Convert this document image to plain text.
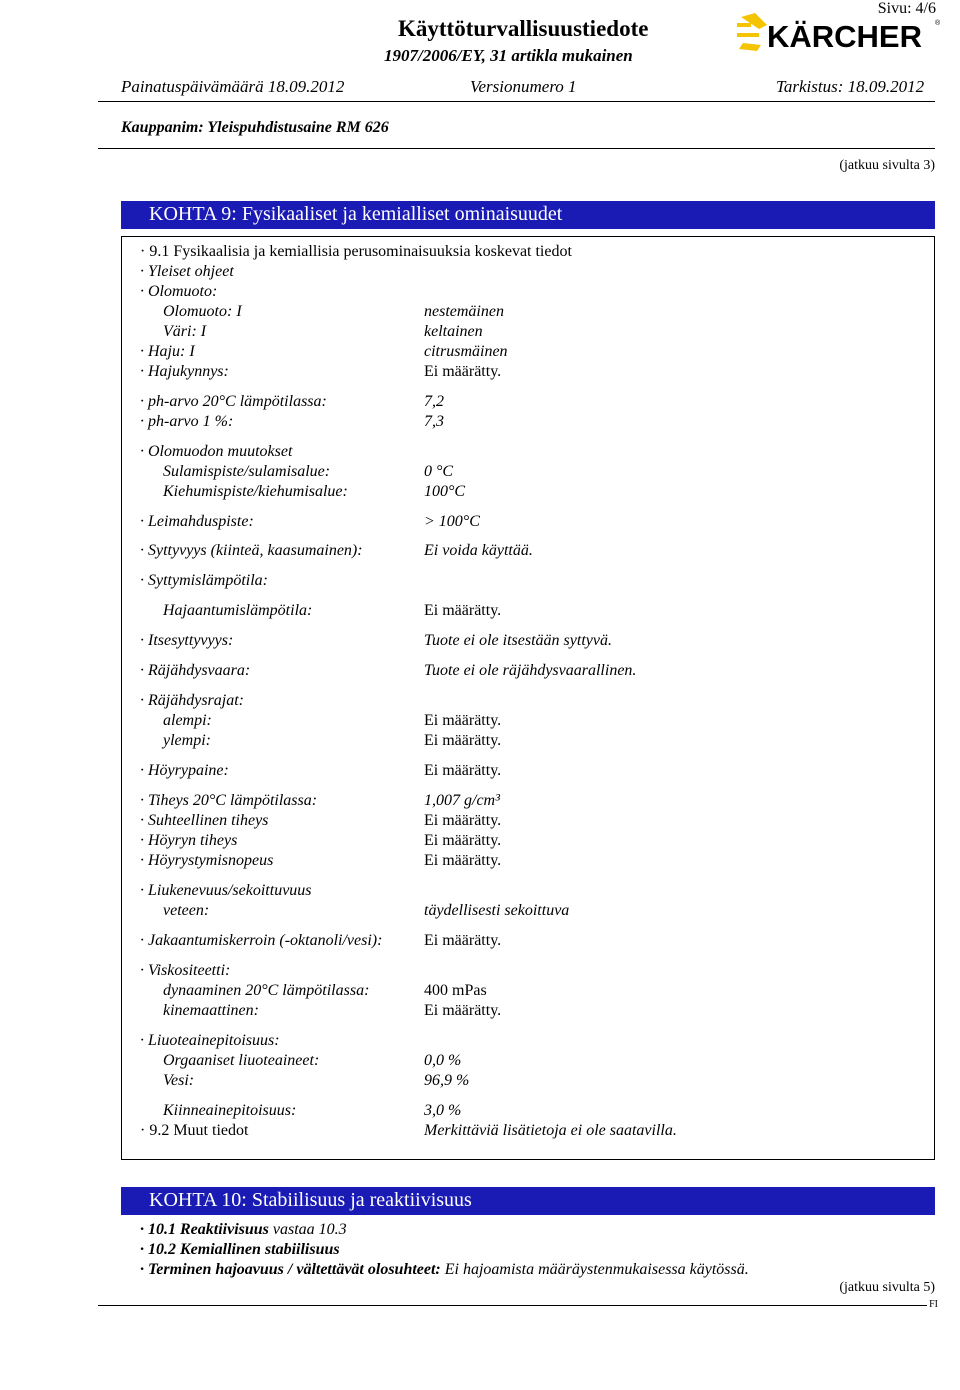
Sivu: 4/6
Käyttöturvallisuustiedote
1907/2006/EY, 31 artikla mukainen
KÄRCHER ®
Painatuspäivämäärä 18.09.2012	Versionumero 1	Tarkistus: 18.09.2012
Kauppanim: Yleispuhdistusaine RM 626
(jatkuu sivulta 3)
KOHTA 9: Fysikaaliset ja kemialliset ominaisuudet
· 9.1 Fysikaalisia ja kemiallisia perusominaisuuksia koskevat tiedot
· Yleiset ohjeet
· Olomuoto:
Olomuoto: I	nestemäinen
Väri: I	keltainen
· Haju: I	citrusmäinen
· Hajukynnys:	Ei määrätty.
· ph-arvo 20°C lämpötilassa:	7,2
· ph-arvo 1 %:	7,3
· Olomuodon muutokset
Sulamispiste/sulamisalue:	0 °C
Kiehumispiste/kiehumisalue:	100°C
· Leimahduspiste:	> 100°C
· Syttyvyys (kiinteä, kaasumainen):	Ei voida käyttää.
· Syttymislämpötila:
Hajaantumislämpötila:	Ei määrätty.
· Itsesyttyvyys:	Tuote ei ole itsestään syttyvä.
· Räjähdysvaara:	Tuote ei ole räjähdysvaarallinen.
· Räjähdysrajat:
alempi:	Ei määrätty.
ylempi:	Ei määrätty.
· Höyrypaine:	Ei määrätty.
· Tiheys 20°C lämpötilassa:	1,007 g/cm³
· Suhteellinen tiheys	Ei määrätty.
· Höyryn tiheys	Ei määrätty.
· Höyrystymisnopeus	Ei määrätty.
· Liukenevuus/sekoittuvuus
veteen:	täydellisesti sekoittuva
· Jakaantumiskerroin (-oktanoli/vesi):	Ei määrätty.
· Viskositeetti:
dynaaminen 20°C lämpötilassa:	400 mPas
kinemaattinen:	Ei määrätty.
· Liuoteainepitoisuus:
Orgaaniset liuoteaineet:	0,0 %
Vesi:	96,9 %
Kiinneainepitoisuus:	3,0 %
· 9.2 Muut tiedot	Merkittäviä lisätietoja ei ole saatavilla.
KOHTA 10: Stabiilisuus ja reaktiivisuus
· 10.1 Reaktiivisuus vastaa 10.3
· 10.2 Kemiallinen stabiilisuus
· Terminen hajoavuus / vältettävät olosuhteet: Ei hajoamista määräystenmukaisessa käytössä.
(jatkuu sivulta 5)
FI
